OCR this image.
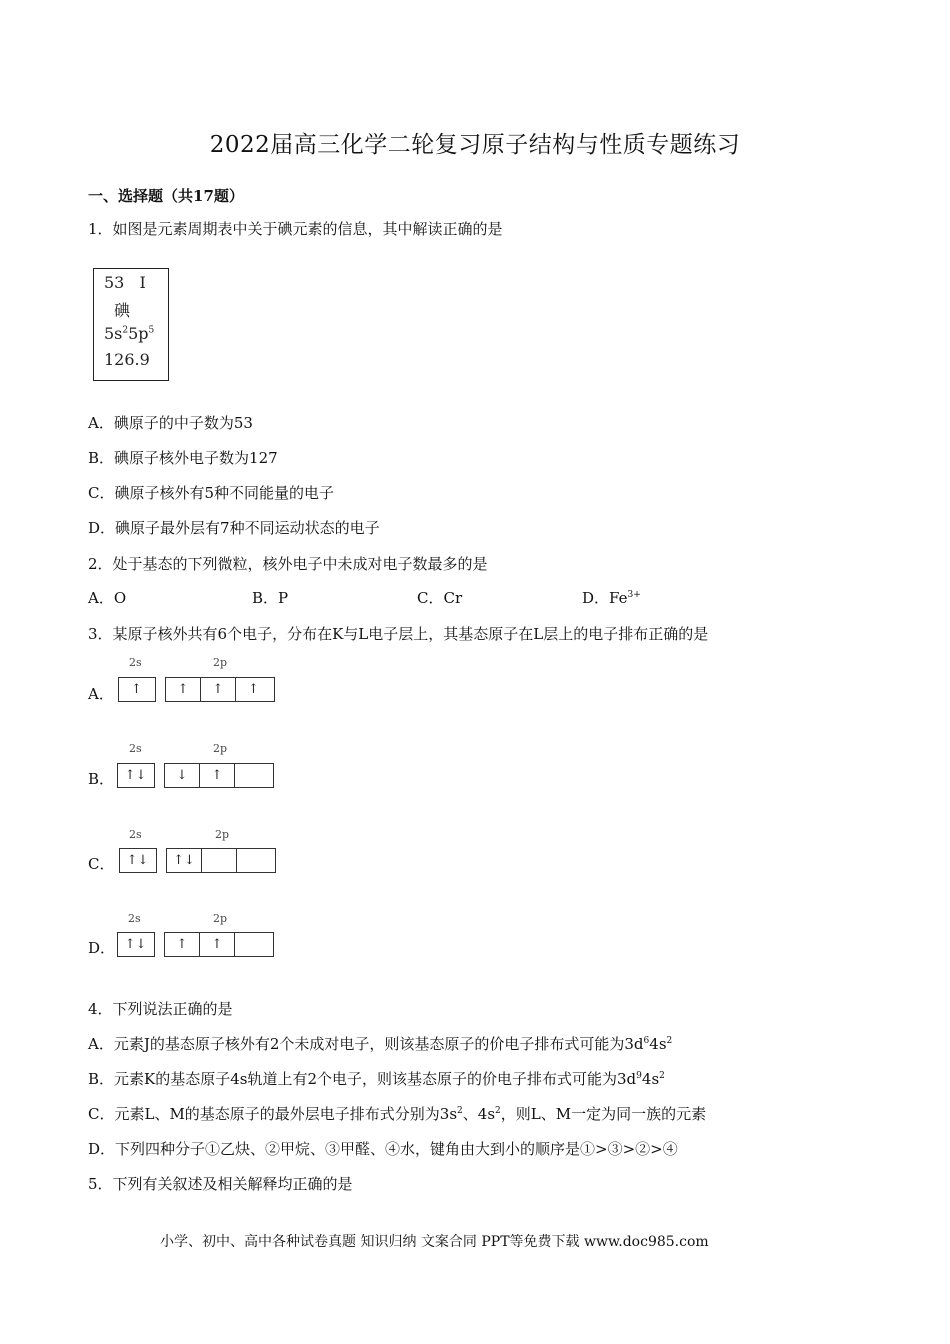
2022届高三化学二轮复习原子结构与性质专题练习
一、选择题（共17题）
1．如图是元素周期表中关于碘元素的信息，其中解读正确的是
53 I
碘
$5s^25p^5$
126.9
A．碘原子的中子数为53
B．碘原子核外电子数为127
C．碘原子核外有5种不同能量的电子
D．碘原子最外层有7种不同运动状态的电子
2．处于基态的下列微粒，核外电子中未成对电子数最多的是
A．O	B．P	C．Cr	D．$Fe^{3+}$
3．某原子核外共有6个电子，分布在K与L电子层上，其基态原子在L层上的电子排布正确的是
A．
2s	2p
↑	↑	↑	↑
B．
2s	2p
↑↓	↓	↑
C．
2s	2p
↑↓	↑↓
D．
2s	2p
↑↓	↑	↑
4．下列说法正确的是
A．元素J的基态原子核外有2个未成对电子，则该基态原子的价电子排布式可能为$3d^64s^2$
B．元素K的基态原子4s轨道上有2个电子，则该基态原子的价电子排布式可能为$3d^94s^2$
C．元素L、M的基态原子的最外层电子排布式分别为$3s^2$、$4s^2$，则L、M一定为同一族的元素
D．下列四种分子①乙炔、②甲烷、③甲醛、④水，键角由大到小的顺序是①>③>②>④
5．下列有关叙述及相关解释均正确的是
小学、初中、高中各种试卷真题 知识归纳 文案合同 PPT等免费下载 www.doc985.com
